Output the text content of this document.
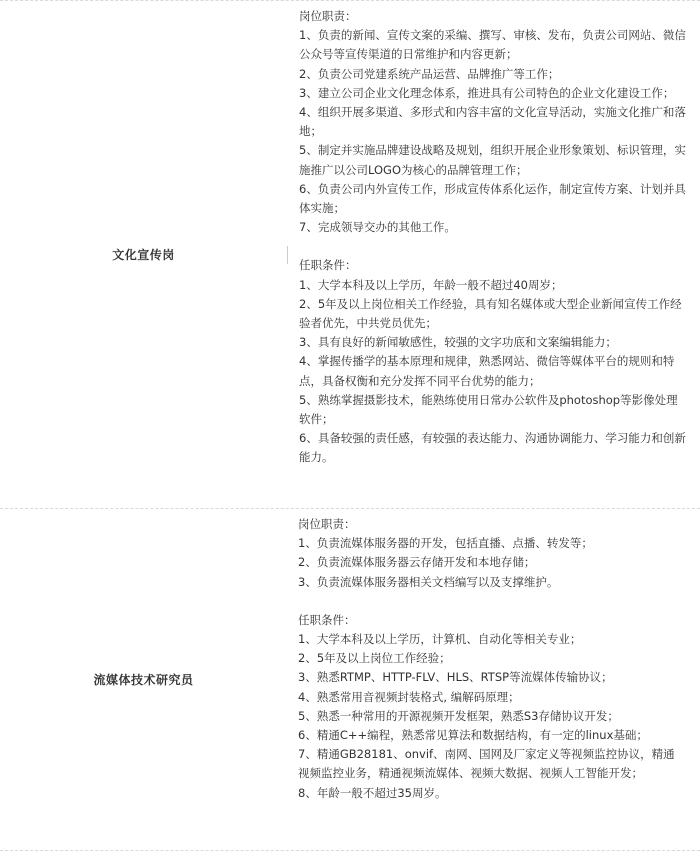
文化宣传岗

岗位职责：

1、负责的新闻、宣传文案的采编、撰写、审核、发布，负责公司网站、微信公众号等宣传渠道的日常维护和内容更新；

2、负责公司党建系统产品运营、品牌推广等工作；

3、建立公司企业文化理念体系，推进具有公司特色的企业文化建设工作；

4、组织开展多渠道、多形式和内容丰富的文化宣导活动，实施文化推广和落地；

5、制定并实施品牌建设战略及规划，组织开展企业形象策划、标识管理，实施推广以公司LOGO为核心的品牌管理工作；

6、负责公司内外宣传工作，形成宣传体系化运作，制定宣传方案、计划并具体实施；

7、完成领导交办的其他工作。

任职条件：

1、大学本科及以上学历，年龄一般不超过40周岁；

2、5年及以上岗位相关工作经验，具有知名媒体或大型企业新闻宣传工作经验者优先，中共党员优先；

3、具有良好的新闻敏感性，较强的文字功底和文案编辑能力；

4、掌握传播学的基本原理和规律，熟悉网站、微信等媒体平台的规则和特点，具备权衡和充分发挥不同平台优势的能力；

5、熟练掌握摄影技术，能熟练使用日常办公软件及photoshop等影像处理软件；

6、具备较强的责任感，有较强的表达能力、沟通协调能力、学习能力和创新能力。

流媒体技术研究员

岗位职责：

1、负责流媒体服务器的开发，包括直播、点播、转发等；

2、负责流媒体服务器云存储开发和本地存储；

3、负责流媒体服务器相关文档编写以及支撑维护。

任职条件：

1、大学本科及以上学历，计算机、自动化等相关专业；

2、5年及以上岗位工作经验；

3、熟悉RTMP、HTTP-FLV、HLS、RTSP等流媒体传输协议；

4、熟悉常用音视频封装格式, 编解码原理；

5、熟悉一种常用的开源视频开发框架，熟悉S3存储协议开发；

6、精通C++编程，熟悉常见算法和数据结构，有一定的linux基础；

7、精通GB28181、onvif、南网、国网及厂家定义等视频监控协议，精通视频监控业务，精通视频流媒体、视频大数据、视频人工智能开发；

8、年龄一般不超过35周岁。
